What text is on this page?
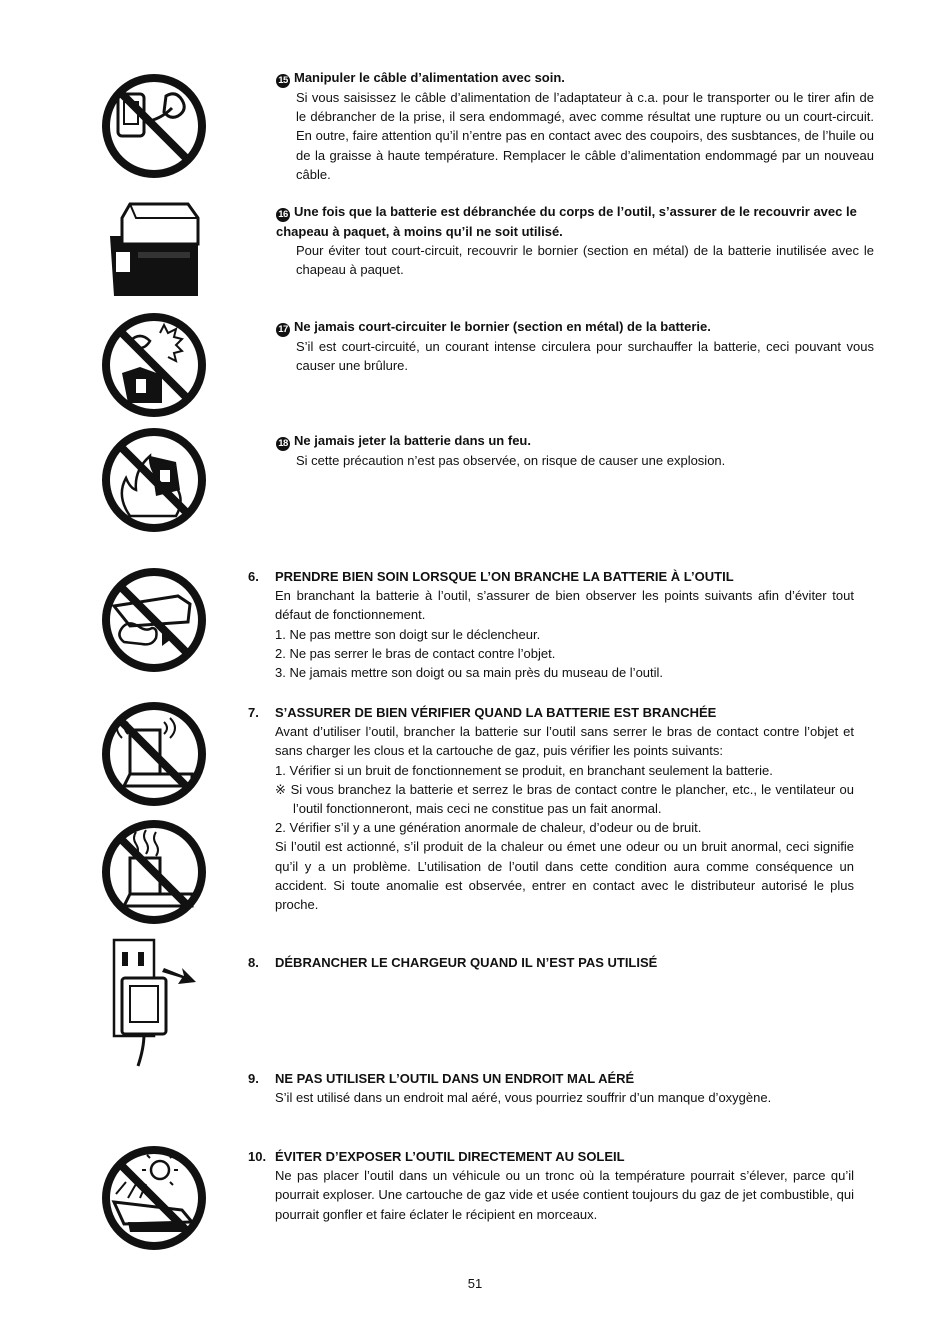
15 Manipuler le câble d’alimentation avec soin.

Si vous saisissez le câble d’alimentation de l’adaptateur à c.a. pour le transporter ou le tirer afin de le débrancher de la prise, il sera endommagé, avec comme résultat une rupture ou un court-circuit. En outre, faire attention qu’il n’entre pas en contact avec des coupoirs, des susbtances, de l’huile ou de la graisse à haute température. Remplacer le câble d’alimentation endommagé par un nouveau câble.

16 Une fois que la batterie est débranchée du corps de l’outil, s’assurer de le recouvrir avec le chapeau à paquet, à moins qu’il ne soit utilisé.

Pour éviter tout court-circuit, recouvrir le bornier (section en métal) de la batterie inutilisée avec le chapeau à paquet.

17 Ne jamais court-circuiter le bornier (section en métal) de la batterie.

S’il est court-circuité, un courant intense circulera pour surchauffer la batterie, ceci pouvant vous causer une brûlure.

18 Ne jamais jeter la batterie dans un feu.

Si cette précaution n’est pas observée, on risque de causer une explosion.

6. PRENDRE BIEN SOIN LORSQUE L’ON BRANCHE LA BATTERIE À L’OUTIL

En branchant la batterie à l’outil, s’assurer de bien observer les points suivants afin d’éviter tout défaut de fonctionnement.

1. Ne pas mettre son doigt sur le déclencheur.

2. Ne pas serrer le bras de contact contre l’objet.

3. Ne jamais mettre son doigt ou sa main près du museau de l’outil.

7. S’ASSURER DE BIEN VÉRIFIER QUAND LA BATTERIE EST BRANCHÉE

Avant d’utiliser l’outil, brancher la batterie sur l’outil sans serrer le bras de contact contre l’objet et sans charger les clous et la cartouche de gaz, puis vérifier les points suivants:

1. Vérifier si un bruit de fonctionnement se produit, en branchant seulement la batterie.

※ Si vous branchez la batterie et serrez le bras de contact contre le plancher, etc., le ventilateur ou l’outil fonctionneront, mais ceci ne constitue pas un fait anormal.

2. Vérifier s’il y a une génération anormale de chaleur, d’odeur ou de bruit.

Si l’outil est actionné, s’il produit de la chaleur ou émet une odeur ou un bruit anormal, ceci signifie qu’il y a un problème. L’utilisation de l’outil dans cette condition aura comme conséquence un accident. Si toute anomalie est observée, entrer en contact avec le distributeur autorisé le plus proche.

8. DÉBRANCHER LE CHARGEUR QUAND IL N’EST PAS UTILISÉ

9. NE PAS UTILISER L’OUTIL DANS UN ENDROIT MAL AÉRÉ

S’il est utilisé dans un endroit mal aéré, vous pourriez souffrir d’un manque d’oxygène.

10. ÉVITER D’EXPOSER L’OUTIL DIRECTEMENT AU SOLEIL

Ne pas placer l’outil dans un véhicule ou un tronc où la température pourrait s’élever, parce qu’il pourrait exploser. Une cartouche de gaz vide et usée contient toujours du gaz de jet combustible, qui pourrait gonfler et faire éclater le récipient en morceaux.

51
